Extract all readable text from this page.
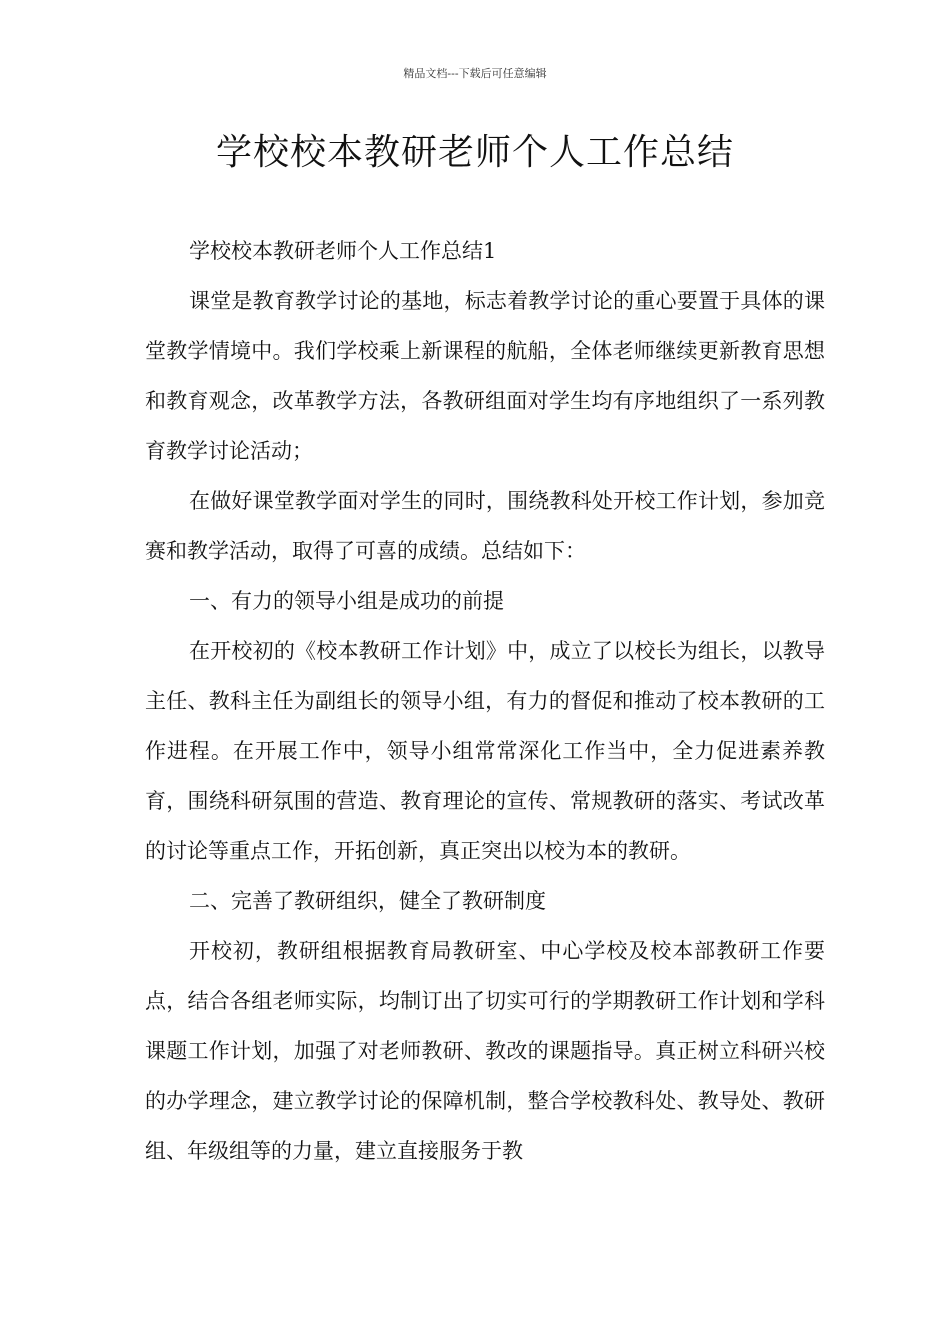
精品文档---下载后可任意编辑
学校校本教研老师个人工作总结

学校校本教研老师个人工作总结1

课堂是教育教学讨论的基地，标志着教学讨论的重心要置于具体的课堂教学情境中。我们学校乘上新课程的航船，全体老师继续更新教育思想和教育观念，改革教学方法，各教研组面对学生均有序地组织了一系列教育教学讨论活动；

在做好课堂教学面对学生的同时，围绕教科处开校工作计划，参加竞赛和教学活动，取得了可喜的成绩。总结如下：

一、有力的领导小组是成功的前提

在开校初的《校本教研工作计划》中，成立了以校长为组长，以教导主任、教科主任为副组长的领导小组，有力的督促和推动了校本教研的工作进程。在开展工作中，领导小组常常深化工作当中，全力促进素养教育，围绕科研氛围的营造、教育理论的宣传、常规教研的落实、考试改革的讨论等重点工作，开拓创新，真正突出以校为本的教研。

二、完善了教研组织，健全了教研制度

开校初，教研组根据教育局教研室、中心学校及校本部教研工作要点，结合各组老师实际，均制订出了切实可行的学期教研工作计划和学科课题工作计划，加强了对老师教研、教改的课题指导。真正树立科研兴校的办学理念，建立教学讨论的保障机制，整合学校教科处、教导处、教研组、年级组等的力量，建立直接服务于教
